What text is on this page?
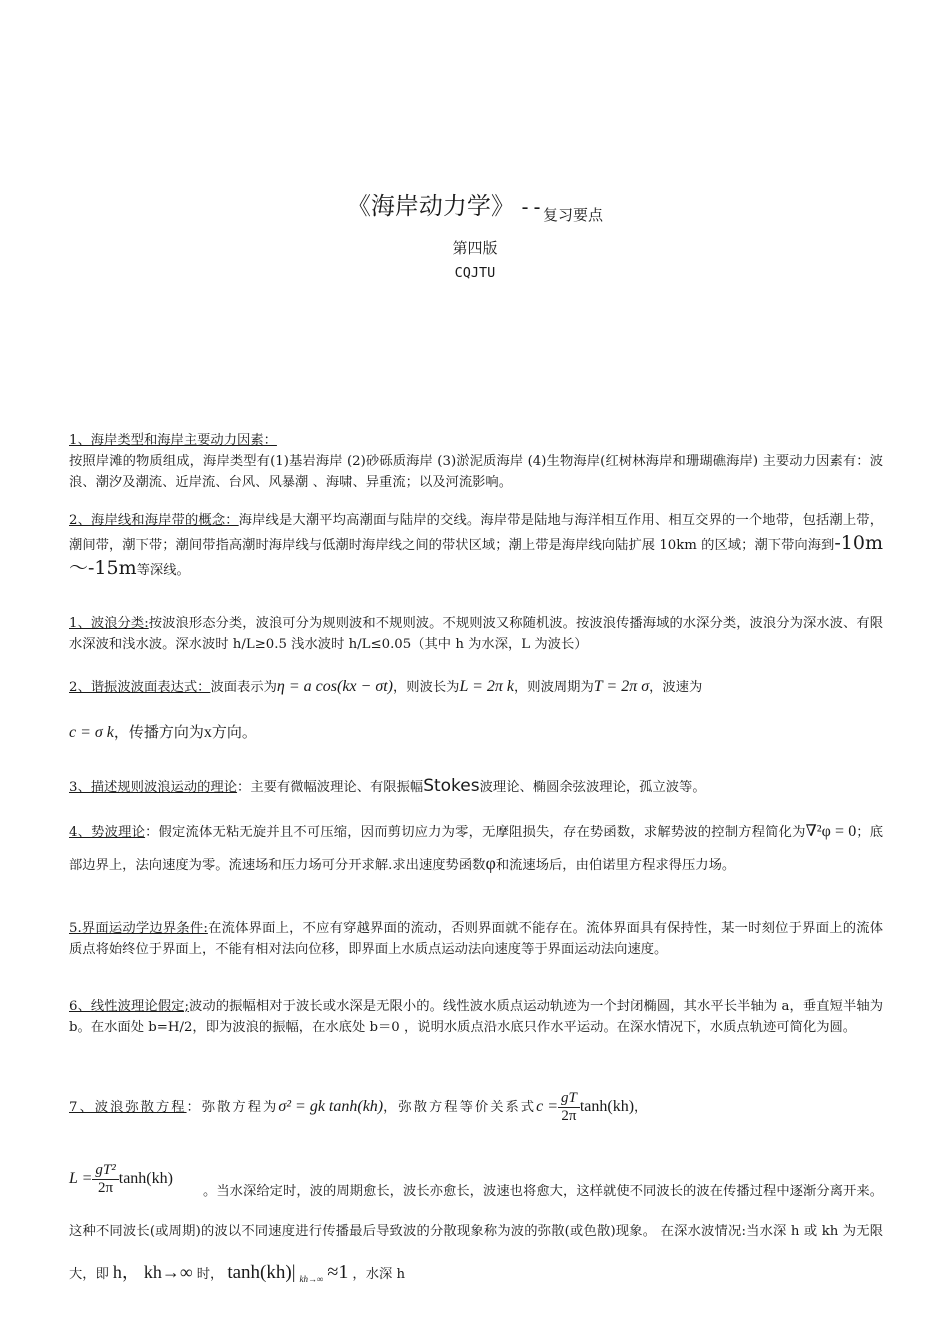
《海岸动力学》 --复习要点
第四版
CQJTU
1、海岸类型和海岸主要动力因素：
按照岸滩的物质组成，海岸类型有(1)基岩海岸 (2)砂砾质海岸 (3)淤泥质海岸 (4)生物海岸(红树林海岸和珊瑚礁海岸) 主要动力因素有：波浪、潮汐及潮流、近岸流、台风、风暴潮 、海啸、异重流；以及河流影响。
2、海岸线和海岸带的概念：海岸线是大潮平均高潮面与陆岸的交线。海岸带是陆地与海洋相互作用、相互交界的一个地带，包括潮上带，潮间带，潮下带；潮间带指高潮时海岸线与低潮时海岸线之间的带状区域；潮上带是海岸线向陆扩展 10km 的区域；潮下带向海到-10m～-15m等深线。
1、波浪分类:按波浪形态分类，波浪可分为规则波和不规则波。不规则波又称随机波。按波浪传播海域的水深分类，波浪分为深水波、有限水深波和浅水波。深水波时 h/L≥0.5 浅水波时 h/L≤0.05（其中 h 为水深，L 为波长）
2、谐振波波面表达式：波面表示为η = a cos(kx − σt)，则波长为L = 2π k，则波周期为T = 2π σ，波速为
c = σ k，传播方向为x方向。
3、描述规则波浪运动的理论：主要有微幅波理论、有限振幅Stokes波理论、椭圆余弦波理论，孤立波等。
4、势波理论：假定流体无粘无旋并且不可压缩，因而剪切应力为零，无摩阻损失，存在势函数，求解势波的控制方程简化为∇²φ = 0；底部边界上，法向速度为零。流速场和压力场可分开求解.求出速度势函数φ和流速场后，由伯诺里方程求得压力场。
5.界面运动学边界条件:在流体界面上，不应有穿越界面的流动，否则界面就不能存在。流体界面具有保持性，某一时刻位于界面上的流体质点将始终位于界面上，不能有相对法向位移，即界面上水质点运动法向速度等于界面运动法向速度。
6、线性波理论假定;波动的振幅相对于波长或水深是无限小的。线性波水质点运动轨迹为一个封闭椭圆，其水平长半轴为 a，垂直短半轴为 b。在水面处 b=H/2，即为波浪的振幅，在水底处 b＝0 ，说明水质点沿水底只作水平运动。在深水情况下，水质点轨迹可简化为圆。
7、波浪弥散方程：弥散方程为σ² = gk tanh(kh)，弥散方程等价关系式$c = \frac{gT}{2\pi} \tanh(kh)$，
$L = \frac{\text{gT²}}{2\pi} \tanh(kh)$
。当水深给定时，波的周期愈长，波长亦愈长，波速也将愈大，这样就使不同波长的波在传播过程中逐渐分离开来。这种不同波长(或周期)的波以不同速度进行传播最后导致波的分散现象称为波的弥散(或色散)现象。 在深水波情况:当水深 h 或 kh 为无限大，即 h， kh→∞ 时， tanh(kh)| $_{kh\to\infty}$ ≈1 ，水深 h
